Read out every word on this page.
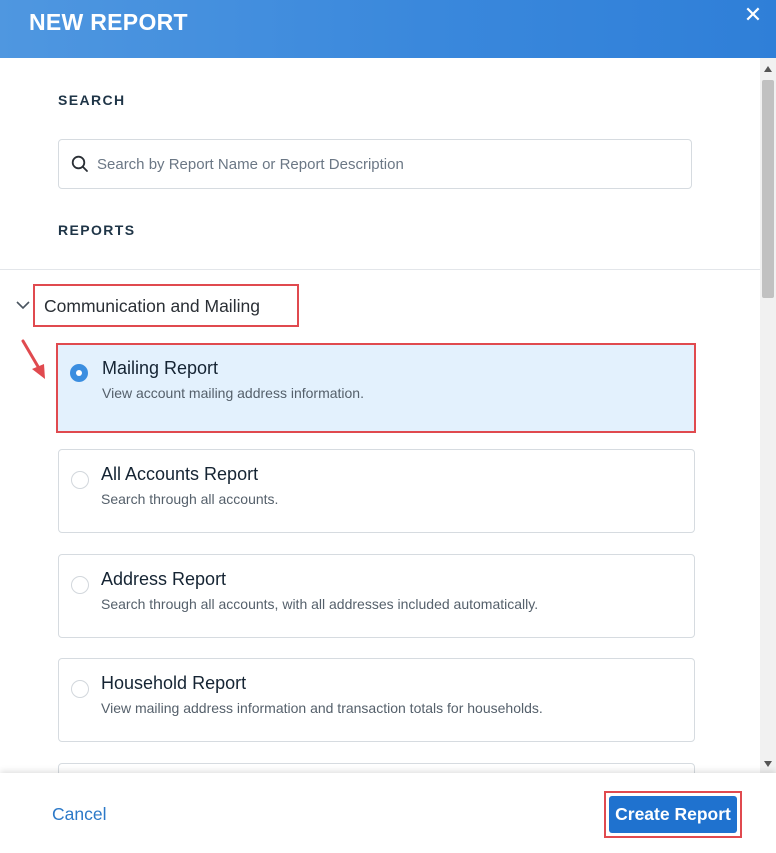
NEW REPORT	✕
SEARCH
Search by Report Name or Report Description
REPORTS
Communication and Mailing
Mailing Report
View account mailing address information.
All Accounts Report
Search through all accounts.
Address Report
Search through all accounts, with all addresses included automatically.
Household Report
View mailing address information and transaction totals for households.
Cancel	Create Report
